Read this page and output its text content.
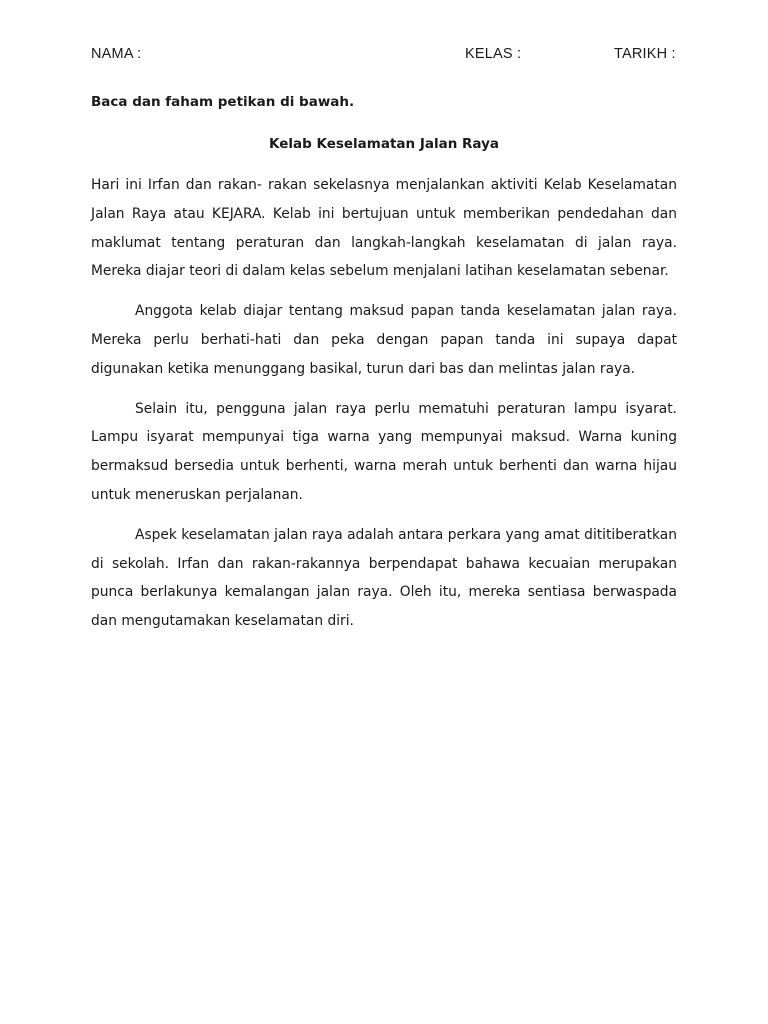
NAMA :	KELAS :	TARIKH :
Baca dan faham petikan di bawah.
Kelab Keselamatan Jalan Raya

Hari ini Irfan dan rakan- rakan sekelasnya menjalankan aktiviti Kelab Keselamatan Jalan Raya atau KEJARA. Kelab ini bertujuan untuk memberikan pendedahan dan maklumat tentang peraturan dan langkah-langkah keselamatan di jalan raya. Mereka diajar teori di dalam kelas sebelum menjalani latihan keselamatan sebenar.

Anggota kelab diajar tentang maksud papan tanda keselamatan jalan raya. Mereka perlu berhati-hati dan peka dengan papan tanda ini supaya dapat digunakan ketika menunggang basikal, turun dari bas dan melintas jalan raya.

Selain itu, pengguna jalan raya perlu mematuhi peraturan lampu isyarat. Lampu isyarat mempunyai tiga warna yang mempunyai maksud. Warna kuning bermaksud bersedia untuk berhenti, warna merah untuk berhenti dan warna hijau untuk meneruskan perjalanan.

Aspek keselamatan jalan raya adalah antara perkara yang amat dititiberatkan di sekolah. Irfan dan rakan-rakannya berpendapat bahawa kecuaian merupakan punca berlakunya kemalangan jalan raya. Oleh itu, mereka sentiasa berwaspada dan mengutamakan keselamatan diri.
